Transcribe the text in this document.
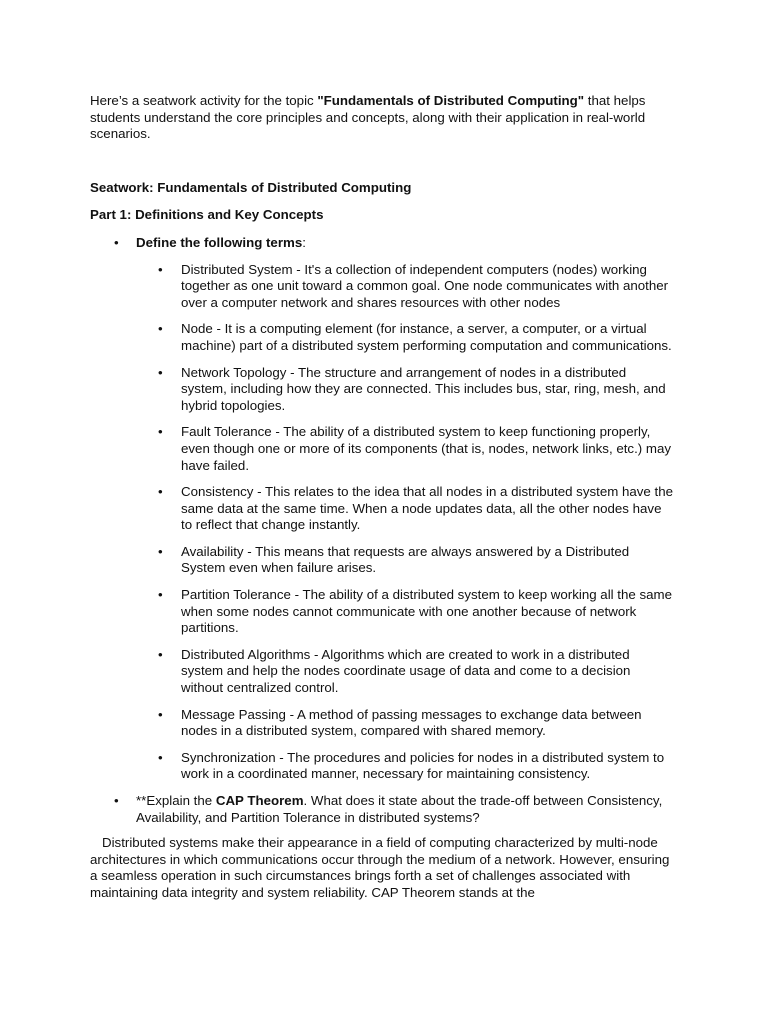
Here’s a seatwork activity for the topic "Fundamentals of Distributed Computing" that helps students understand the core principles and concepts, along with their application in real-world scenarios.

Seatwork: Fundamentals of Distributed Computing

Part 1: Definitions and Key Concepts

• Define the following terms:

• Distributed System - It's a collection of independent computers (nodes) working together as one unit toward a common goal. One node communicates with another over a computer network and shares resources with other nodes
• Node - It is a computing element (for instance, a server, a computer, or a virtual machine) part of a distributed system performing computation and communications.
• Network Topology - The structure and arrangement of nodes in a distributed system, including how they are connected. This includes bus, star, ring, mesh, and hybrid topologies.
• Fault Tolerance - The ability of a distributed system to keep functioning properly, even though one or more of its components (that is, nodes, network links, etc.) may have failed.
• Consistency - This relates to the idea that all nodes in a distributed system have the same data at the same time. When a node updates data, all the other nodes have to reflect that change instantly.
• Availability - This means that requests are always answered by a Distributed System even when failure arises.
• Partition Tolerance - The ability of a distributed system to keep working all the same when some nodes cannot communicate with one another because of network partitions.
• Distributed Algorithms - Algorithms which are created to work in a distributed system and help the nodes coordinate usage of data and come to a decision without centralized control.
• Message Passing - A method of passing messages to exchange data between nodes in a distributed system, compared with shared memory.
• Synchronization - The procedures and policies for nodes in a distributed system to work in a coordinated manner, necessary for maintaining consistency.
• **Explain the CAP Theorem. What does it state about the trade-off between Consistency, Availability, and Partition Tolerance in distributed systems?

Distributed systems make their appearance in a field of computing characterized by multi-node architectures in which communications occur through the medium of a network. However, ensuring a seamless operation in such circumstances brings forth a set of challenges associated with maintaining data integrity and system reliability. CAP Theorem stands at the
